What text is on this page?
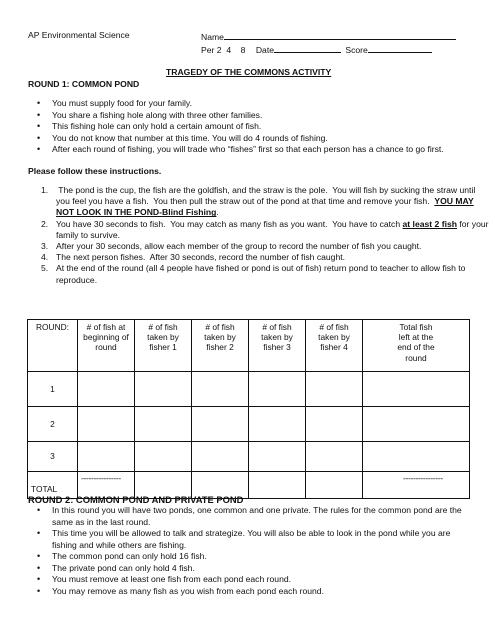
AP Environmental Science	Name
Per 2  4    8 Date	Score
TRAGEDY OF THE COMMONS ACTIVITY
ROUND 1: COMMON POND
• You must supply food for your family.
• You share a fishing hole along with three other families.
• This fishing hole can only hold a certain amount of fish.
• You do not know that number at this time. You will do 4 rounds of fishing.
• After each round of fishing, you will trade who “fishes” first so that each person has a chance to go first.
Please follow these instructions.
1. The pond is the cup, the fish are the goldfish, and the straw is the pole.  You will fish by sucking the straw until
you feel you have a fish.  You then pull the straw out of the pond at that time and remove your fish.  YOU MAY
NOT LOOK IN THE POND-Blind Fishing.
2. You have 30 seconds to fish.  You may catch as many fish as you want.  You have to catch at least 2 fish for your
family to survive.
3. After your 30 seconds, allow each member of the group to record the number of fish you caught.
4. The next person fishes.  After 30 seconds, record the number of fish caught.
5. At the end of the round (all 4 people have fished or pond is out of fish) return pond to teacher to allow fish to
reproduce.
ROUND:	# of fish at
beginning of
round	# of fish
taken by
fisher 1	# of fish
taken by
fisher 2	# of fish
taken by
fisher 3	# of fish
taken by
fisher 4	Total fish
left at the
end of the
round
1						
2						
3						
TOTAL	----------------					----------------
ROUND 2: COMMON POND AND PRIVATE POND
• In this round you will have two ponds, one common and one private. The rules for the common pond are the
same as in the last round.
• This time you will be allowed to talk and strategize. You will also be able to look in the pond while you are
fishing and while others are fishing.
• The common pond can only hold 16 fish.
• The private pond can only hold 4 fish.
• You must remove at least one fish from each pond each round.
• You may remove as many fish as you wish from each pond each round.
